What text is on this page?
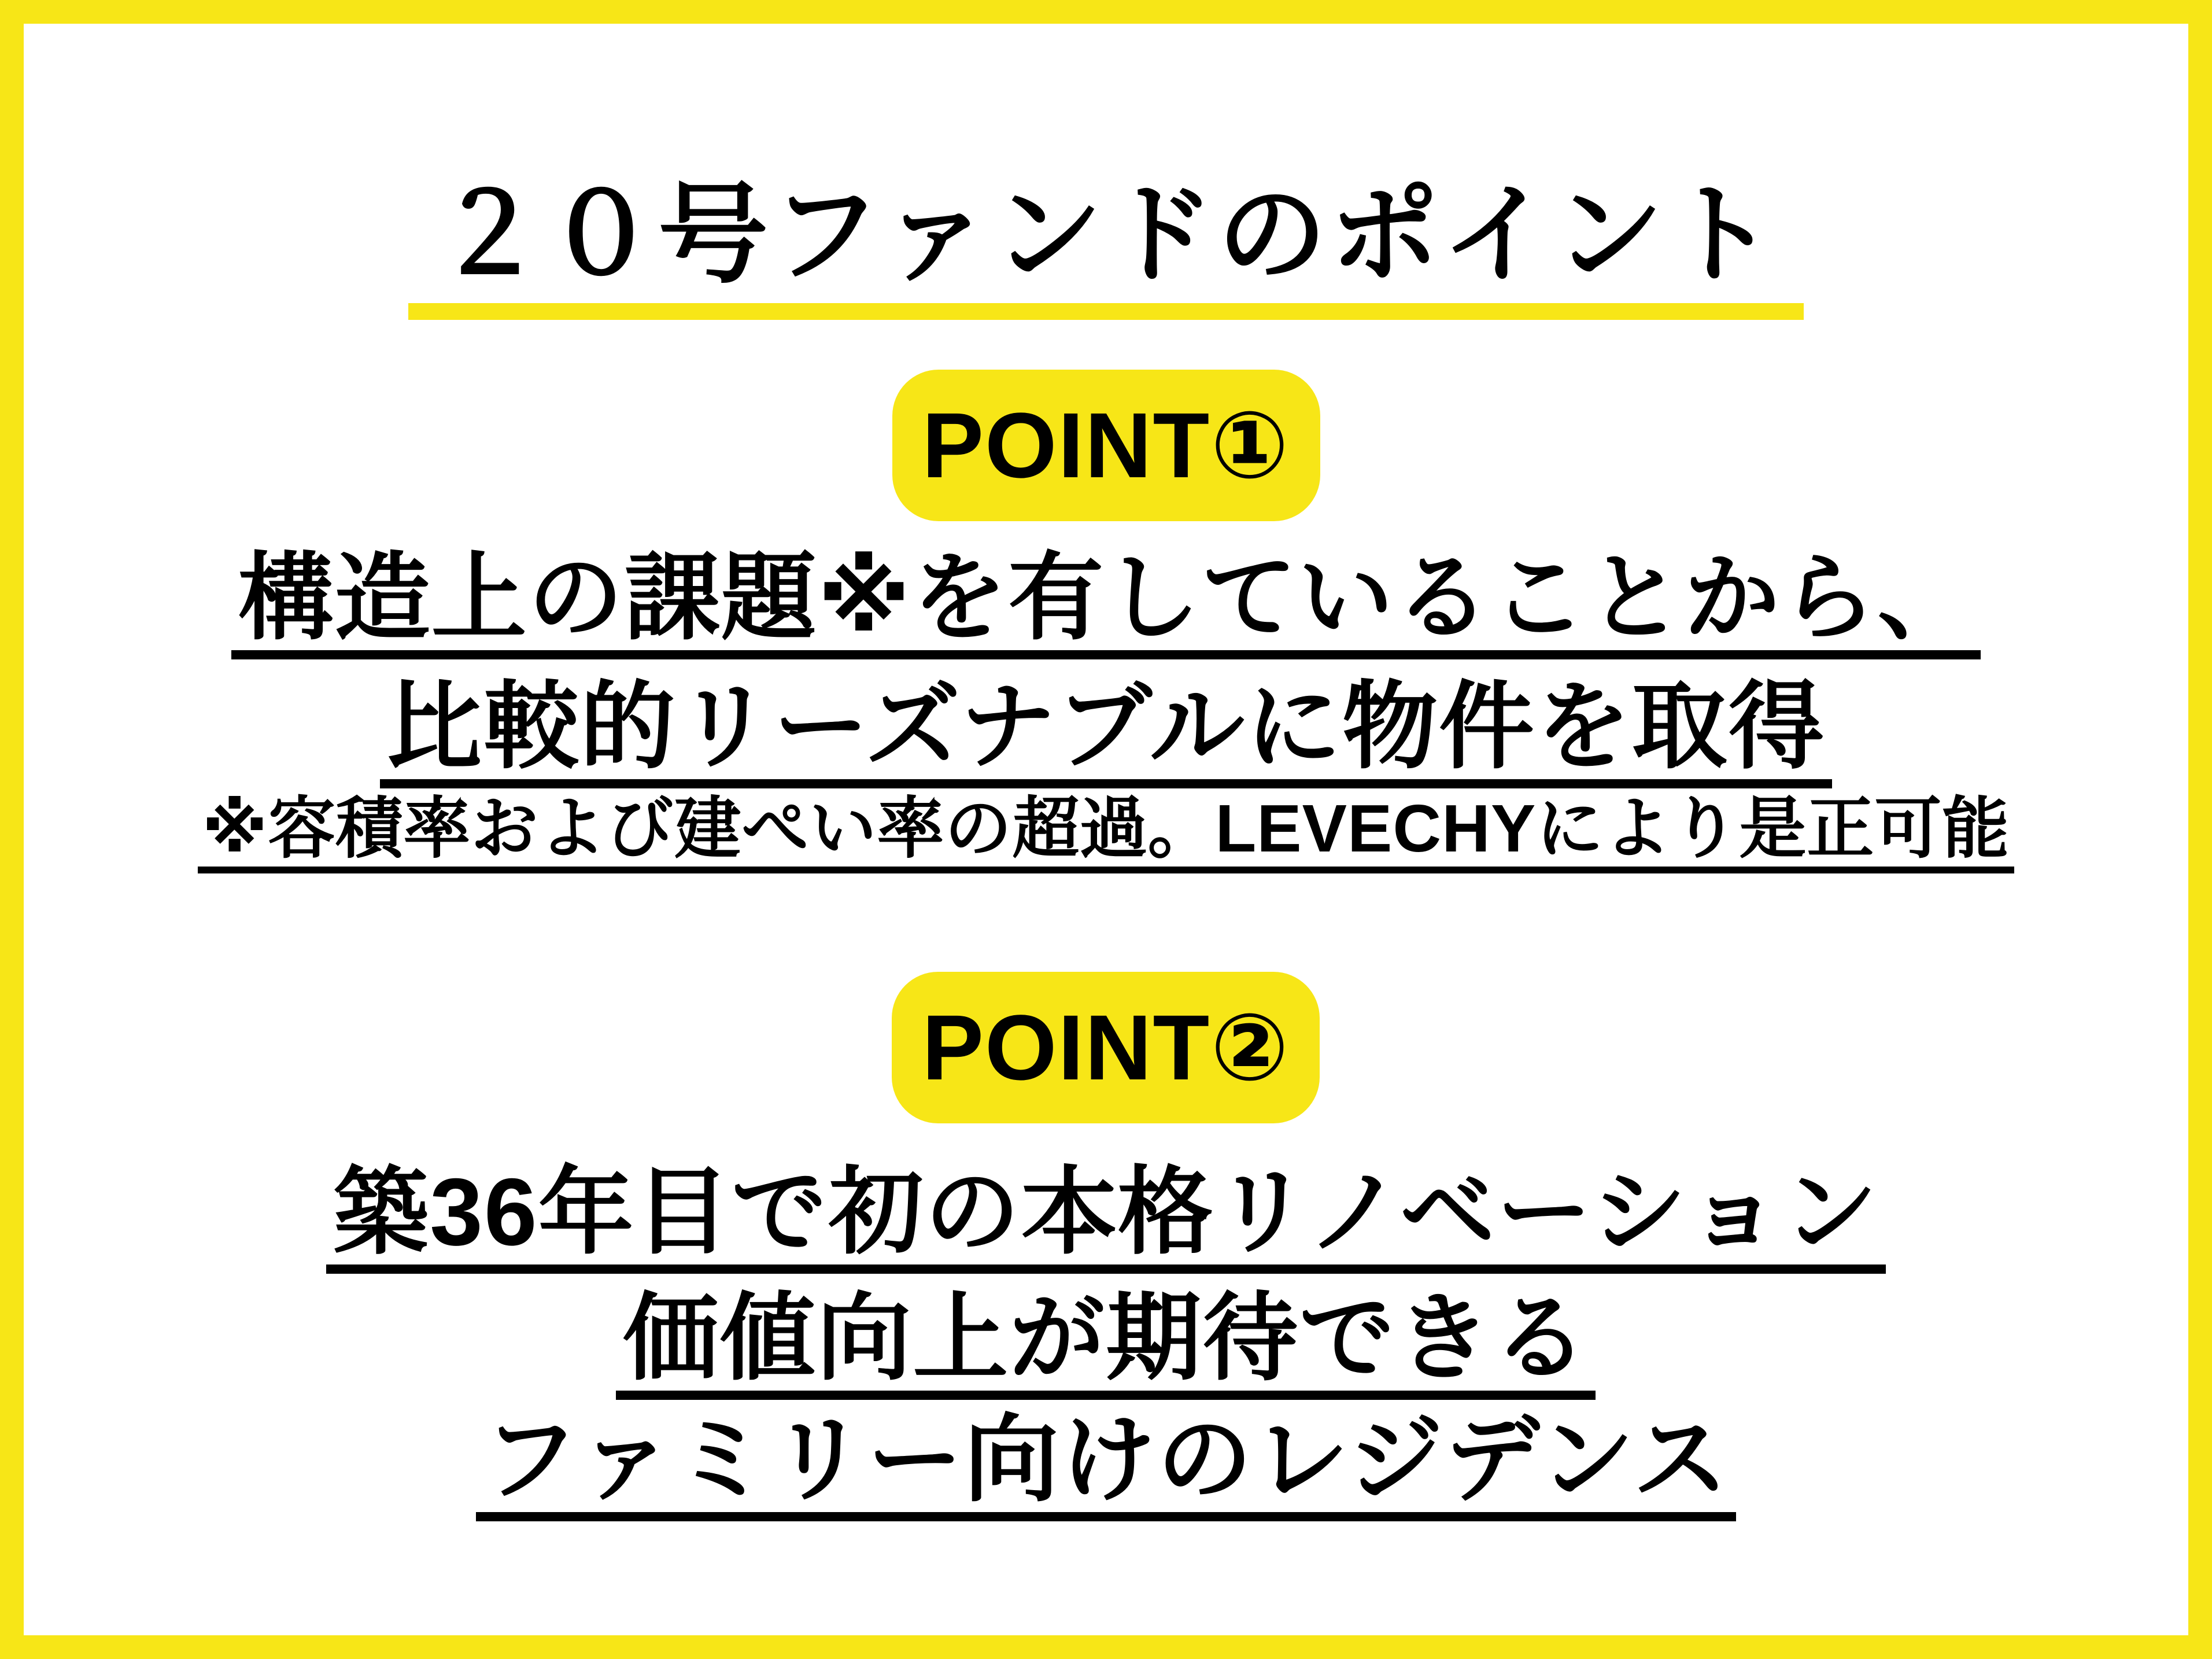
２０号ファンドのポイント
POINT①

構造上の課題※を有していることから、

比較的リーズナブルに物件を取得

※容積率および建ぺい率の超過。LEVECHYにより是正可能

POINT②

築36年目で初の本格リノベーション

価値向上が期待できる

ファミリー向けのレジデンス
